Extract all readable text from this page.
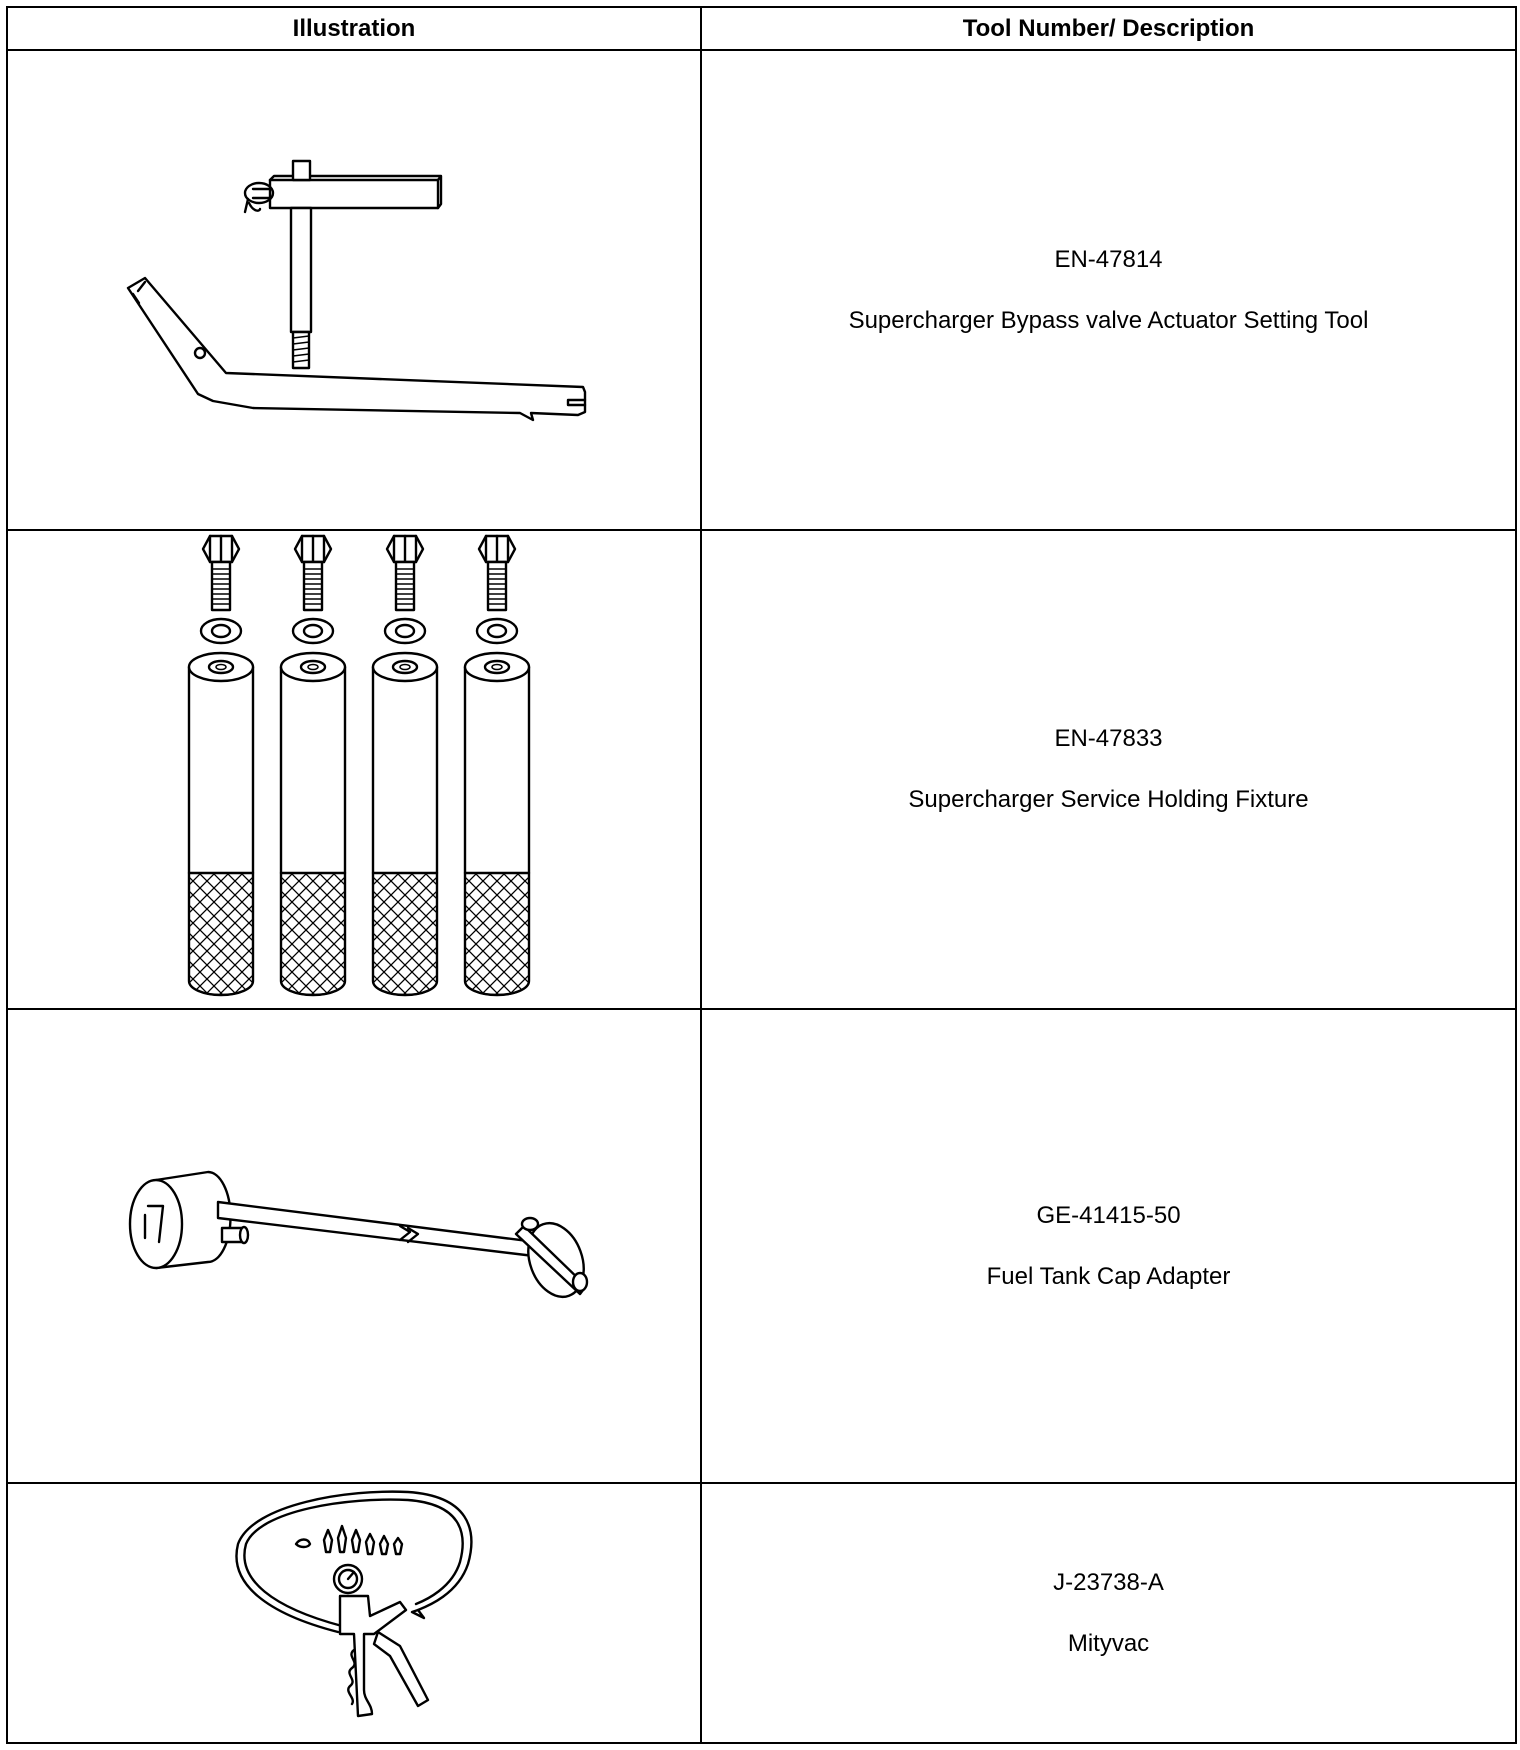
Illustration	Tool Number/ Description

EN-47814
Supercharger Bypass valve Actuator Setting Tool

EN-47833
Supercharger Service Holding Fixture

GE-41415-50
Fuel Tank Cap Adapter

J-23738-A
Mityvac
